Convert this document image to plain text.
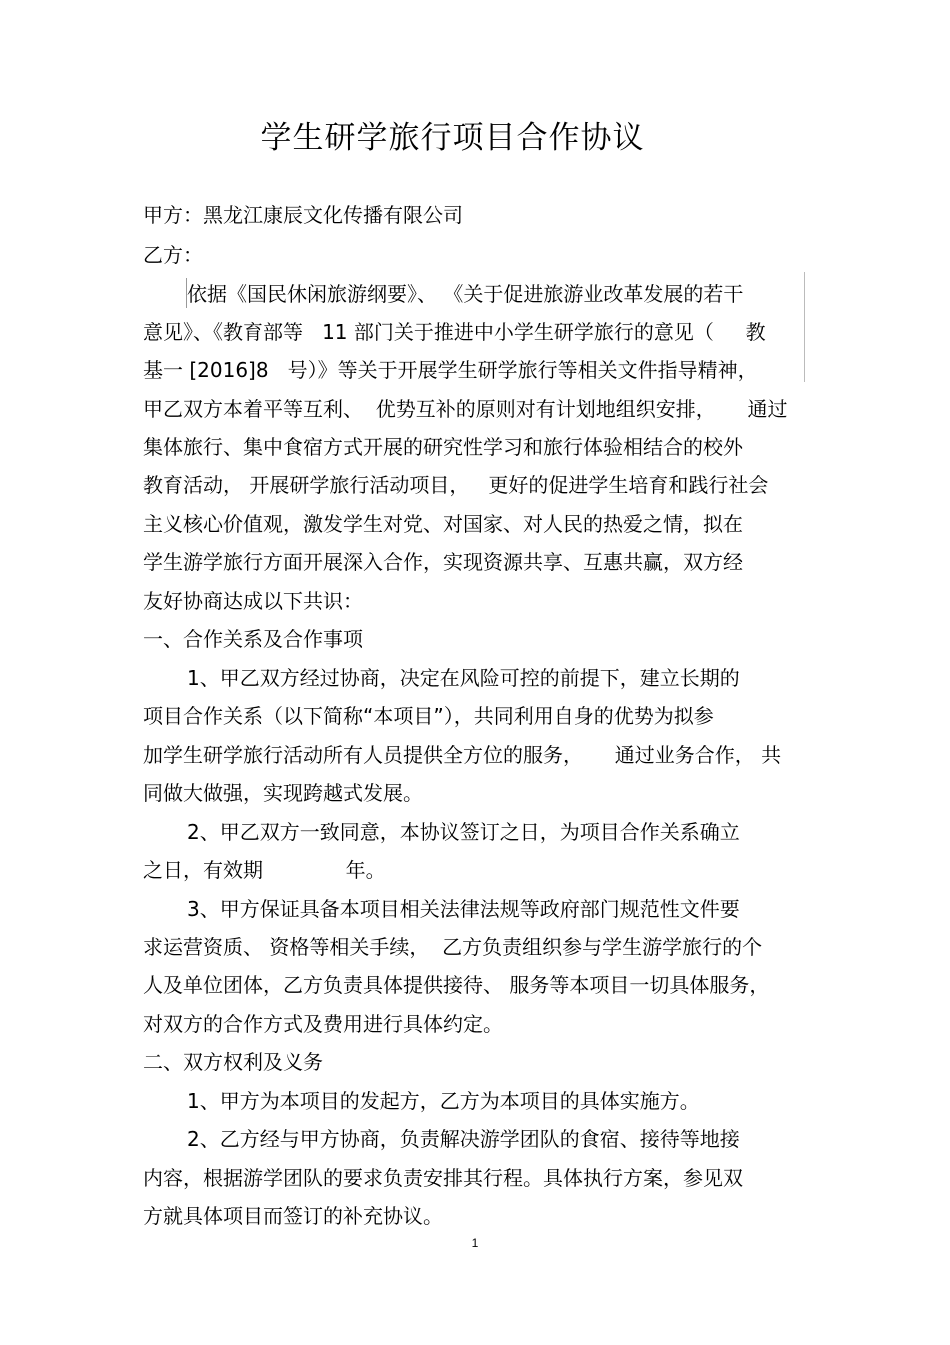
学生研学旅行项目合作协议
甲方：黑龙江康辰文化传播有限公司
乙方：
依据《国民休闲旅游纲要》、 《关于促进旅游业改革发展的若干
意见》、《教育部等   11 部门关于推进中小学生研学旅行的意见（     教
基一 [2016]8   号）》等关于开展学生研学旅行等相关文件指导精神，
甲乙双方本着平等互利、  优势互补的原则对有计划地组织安排，     通过
集体旅行、集中食宿方式开展的研究性学习和旅行体验相结合的校外
教育活动， 开展研学旅行活动项目，   更好的促进学生培育和践行社会
主义核心价值观，激发学生对党、对国家、对人民的热爱之情，拟在
学生游学旅行方面开展深入合作，实现资源共享、互惠共赢，双方经
友好协商达成以下共识：
一、合作关系及合作事项
1、甲乙双方经过协商，决定在风险可控的前提下，建立长期的
项目合作关系（以下简称“本项目”），共同利用自身的优势为拟参
加学生研学旅行活动所有人员提供全方位的服务，     通过业务合作， 共
同做大做强，实现跨越式发展。
2、甲乙双方一致同意，本协议签订之日，为项目合作关系确立
之日，有效期             年。
3、甲方保证具备本项目相关法律法规等政府部门规范性文件要
求运营资质、 资格等相关手续，  乙方负责组织参与学生游学旅行的个
人及单位团体，乙方负责具体提供接待、 服务等本项目一切具体服务，
对双方的合作方式及费用进行具体约定。
二、双方权利及义务
1、甲方为本项目的发起方，乙方为本项目的具体实施方。
2、乙方经与甲方协商，负责解决游学团队的食宿、接待等地接
内容，根据游学团队的要求负责安排其行程。具体执行方案，参见双
方就具体项目而签订的补充协议。
1
